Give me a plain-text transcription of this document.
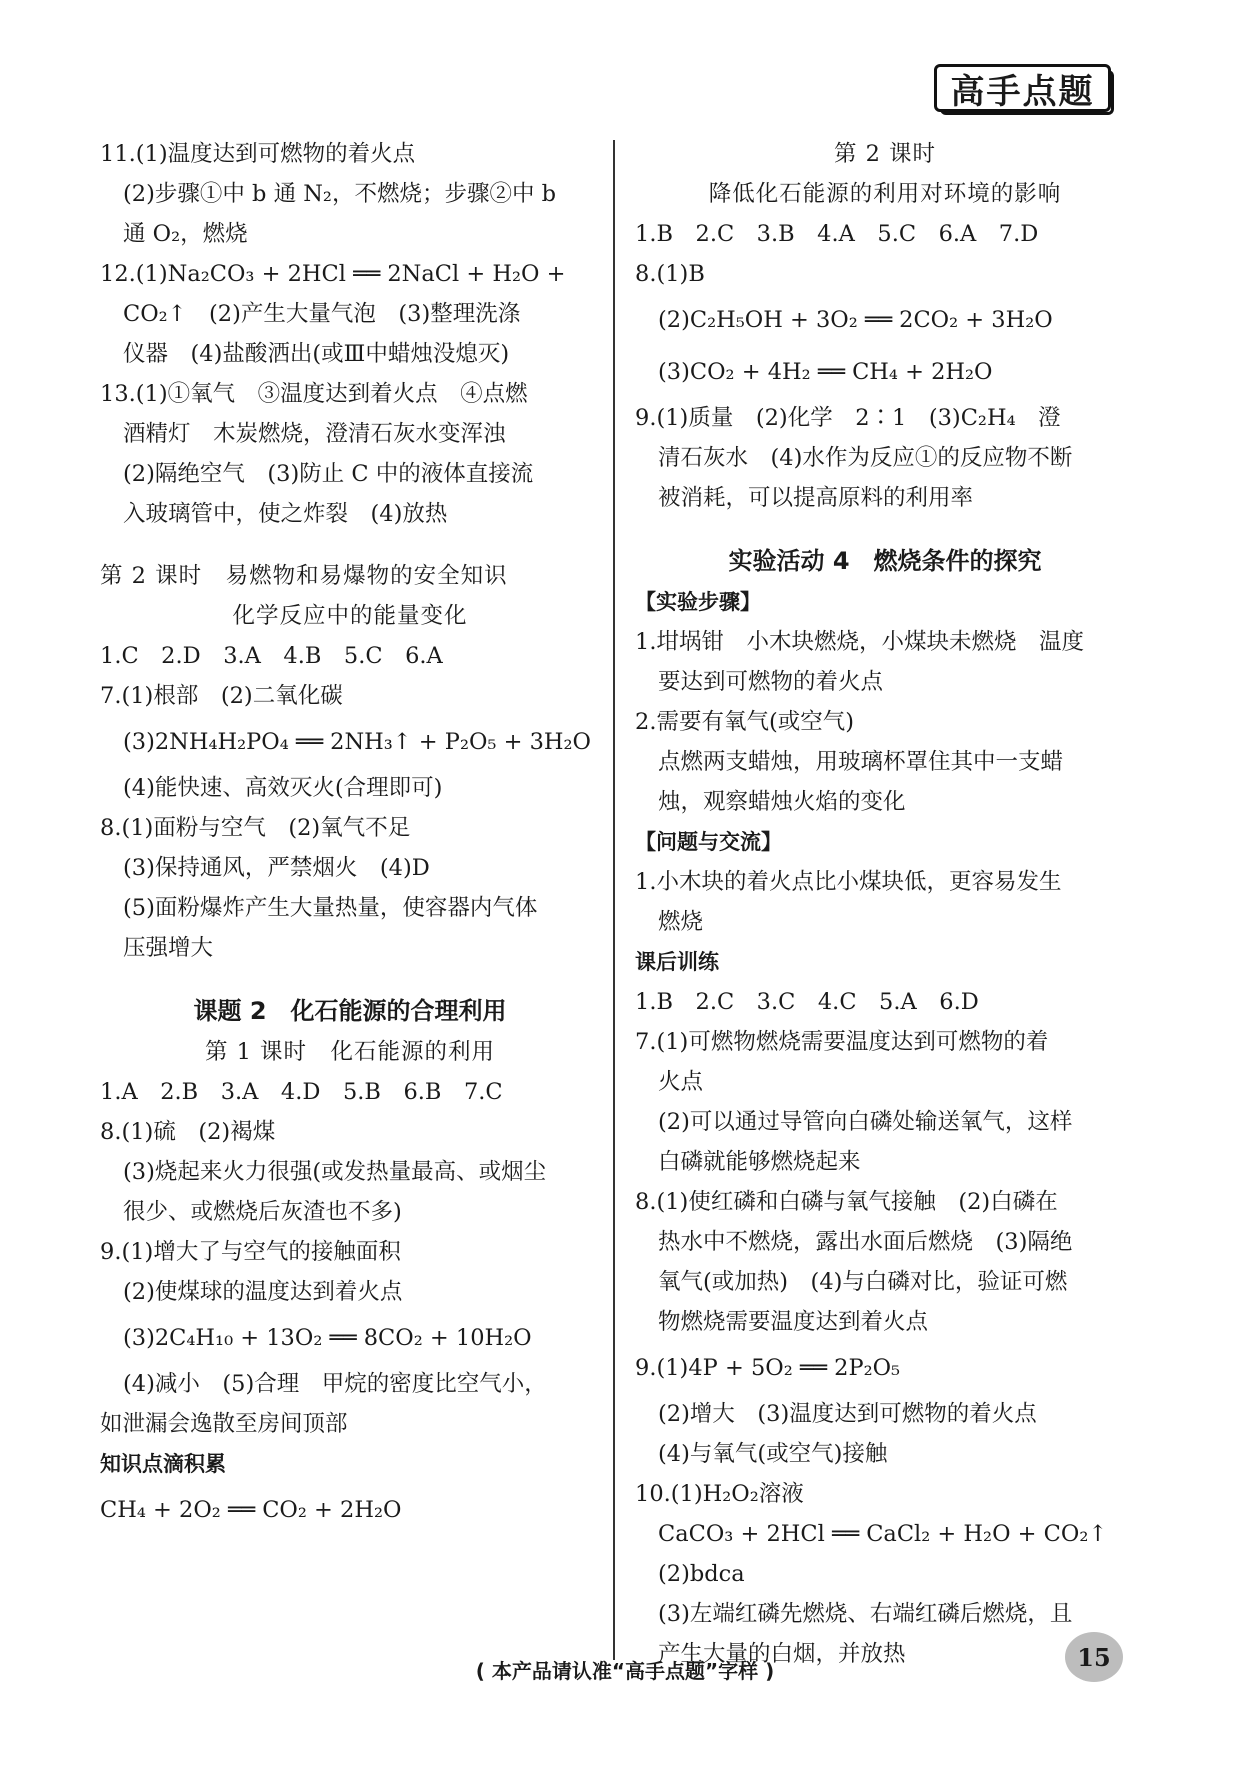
高手点题
11.(1)温度达到可燃物的着火点
(2)步骤①中 b 通 N₂，不燃烧；步骤②中 b
通 O₂，燃烧
12.(1)Na₂CO₃ + 2HCl ══ 2NaCl + H₂O +
CO₂↑　(2)产生大量气泡　(3)整理洗涤
仪器　(4)盐酸洒出(或Ⅲ中蜡烛没熄灭)
13.(1)①氧气　③温度达到着火点　④点燃
酒精灯　木炭燃烧，澄清石灰水变浑浊
(2)隔绝空气　(3)防止 C 中的液体直接流
入玻璃管中，使之炸裂　(4)放热
第 2 课时　易燃物和易爆物的安全知识
化学反应中的能量变化
1.C　2.D　3.A　4.B　5.C　6.A
7.(1)根部　(2)二氧化碳
(3)2NH₄H₂PO₄ ══ 2NH₃↑ + P₂O₅ + 3H₂O
(4)能快速、高效灭火(合理即可)
8.(1)面粉与空气　(2)氧气不足
(3)保持通风，严禁烟火　(4)D
(5)面粉爆炸产生大量热量，使容器内气体
压强增大
课题 2　化石能源的合理利用
第 1 课时　化石能源的利用
1.A　2.B　3.A　4.D　5.B　6.B　7.C
8.(1)硫　(2)褐煤
(3)烧起来火力很强(或发热量最高、或烟尘
很少、或燃烧后灰渣也不多)
9.(1)增大了与空气的接触面积
(2)使煤球的温度达到着火点
(3)2C₄H₁₀ + 13O₂ ══ 8CO₂ + 10H₂O
(4)减小　(5)合理　甲烷的密度比空气小，
如泄漏会逸散至房间顶部
知识点滴积累
CH₄ + 2O₂ ══ CO₂ + 2H₂O
第 2 课时
降低化石能源的利用对环境的影响
1.B　2.C　3.B　4.A　5.C　6.A　7.D
8.(1)B
(2)C₂H₅OH + 3O₂ ══ 2CO₂ + 3H₂O
(3)CO₂ + 4H₂ ══ CH₄ + 2H₂O
9.(1)质量　(2)化学　2∶1　(3)C₂H₄　澄
清石灰水　(4)水作为反应①的反应物不断
被消耗，可以提高原料的利用率
实验活动 4　燃烧条件的探究
【实验步骤】
1.坩埚钳　小木块燃烧，小煤块未燃烧　温度
要达到可燃物的着火点
2.需要有氧气(或空气)
点燃两支蜡烛，用玻璃杯罩住其中一支蜡
烛，观察蜡烛火焰的变化
【问题与交流】
1.小木块的着火点比小煤块低，更容易发生
燃烧
课后训练
1.B　2.C　3.C　4.C　5.A　6.D
7.(1)可燃物燃烧需要温度达到可燃物的着
火点
(2)可以通过导管向白磷处输送氧气，这样
白磷就能够燃烧起来
8.(1)使红磷和白磷与氧气接触　(2)白磷在
热水中不燃烧，露出水面后燃烧　(3)隔绝
氧气(或加热)　(4)与白磷对比，验证可燃
物燃烧需要温度达到着火点
9.(1)4P + 5O₂ ══ 2P₂O₅
(2)增大　(3)温度达到可燃物的着火点
(4)与氧气(或空气)接触
10.(1)H₂O₂溶液
CaCO₃ + 2HCl ══ CaCl₂ + H₂O + CO₂↑
(2)bdca
(3)左端红磷先燃烧、右端红磷后燃烧，且
产生大量的白烟，并放热
( 本产品请认准“高手点题”字样 )	15
